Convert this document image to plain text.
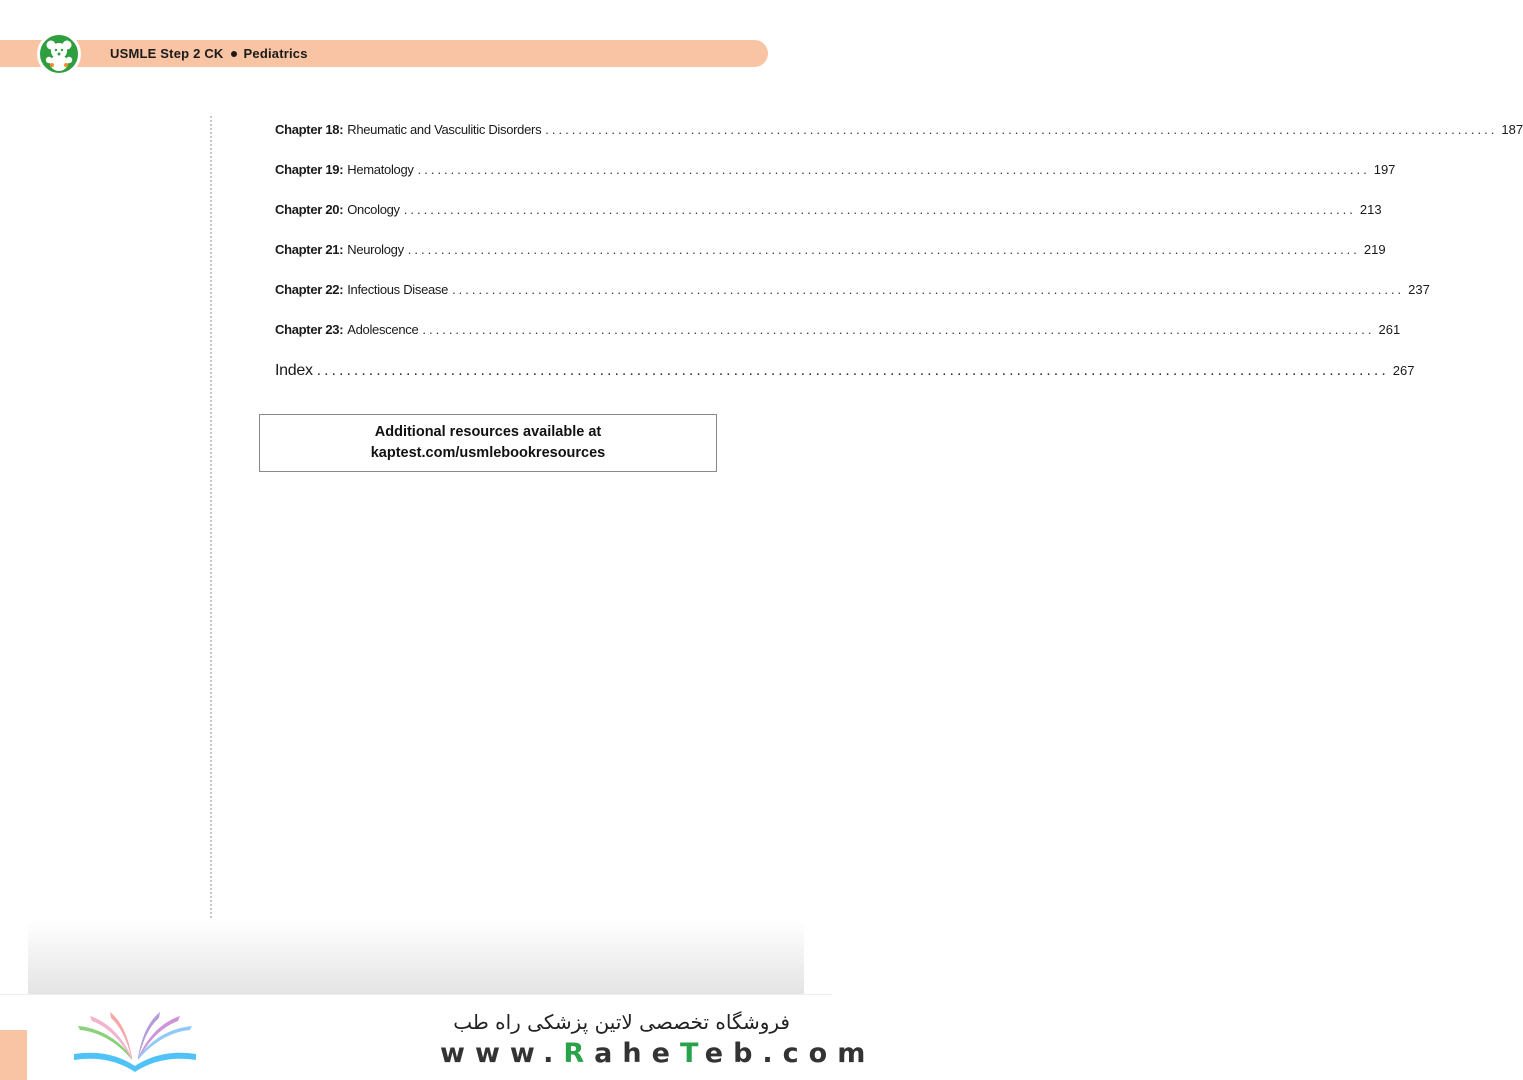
USMLE Step 2 CK Pediatrics
Chapter 18: Rheumatic and Vasculitic Disorders .....	187
Chapter 19: Hematology .....	197
Chapter 20: Oncology .....	213
Chapter 21: Neurology .....	219
Chapter 22: Infectious Disease .....	237
Chapter 23: Adolescence .....	261
Index .....	267
Additional resources available at
kaptest.com/usmlebookresources
فروشگاه تخصصی لاتین پزشکی راه طب
www.RaheTeb.com
